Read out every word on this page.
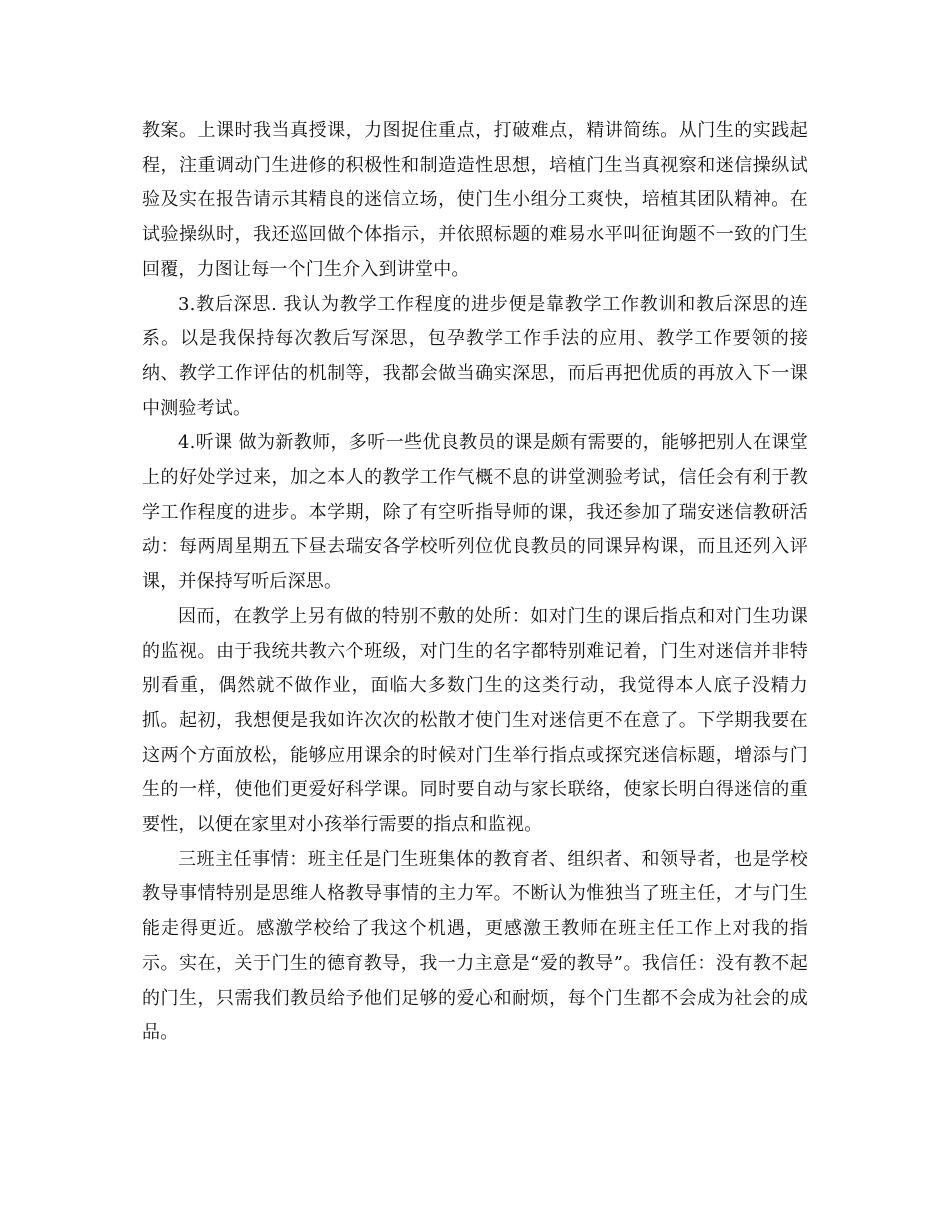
教案。上课时我当真授课，力图捉住重点，打破难点，精讲简练。从门生的实践起程，注重调动门生进修的积极性和制造造性思想，培植门生当真视察和迷信操纵试验及实在报告请示其精良的迷信立场，使门生小组分工爽快，培植其团队精神。在试验操纵时，我还巡回做个体指示，并依照标题的难易水平叫征询题不一致的门生回覆，力图让每一个门生介入到讲堂中。

3.教后深思. 我认为教学工作程度的进步便是靠教学工作教训和教后深思的连系。以是我保持每次教后写深思，包孕教学工作手法的应用、教学工作要领的接纳、教学工作评估的机制等，我都会做当确实深思，而后再把优质的再放入下一课中测验考试。

4.听课 做为新教师，多听一些优良教员的课是颇有需要的，能够把别人在课堂上的好处学过来，加之本人的教学工作气概不息的讲堂测验考试，信任会有利于教学工作程度的进步。本学期，除了有空听指导师的课，我还参加了瑞安迷信教研活动：每两周星期五下昼去瑞安各学校听列位优良教员的同课异构课，而且还列入评课，并保持写听后深思。

因而，在教学上另有做的特别不敷的处所：如对门生的课后指点和对门生功课的监视。由于我统共教六个班级，对门生的名字都特别难记着，门生对迷信并非特别看重，偶然就不做作业，面临大多数门生的这类行动，我觉得本人底子没精力抓。起初，我想便是我如许次次的松散才使门生对迷信更不在意了。下学期我要在这两个方面放松，能够应用课余的时候对门生举行指点或探究迷信标题，增添与门生的一样，使他们更爱好科学课。同时要自动与家长联络，使家长明白得迷信的重要性，以便在家里对小孩举行需要的指点和监视。

三班主任事情：班主任是门生班集体的教育者、组织者、和领导者，也是学校教导事情特别是思维人格教导事情的主力军。不断认为惟独当了班主任，才与门生能走得更近。感激学校给了我这个机遇，更感激王教师在班主任工作上对我的指示。实在，关于门生的德育教导，我一力主意是“爱的教导”。我信任：没有教不起的门生，只需我们教员给予他们足够的爱心和耐烦，每个门生都不会成为社会的成品。
